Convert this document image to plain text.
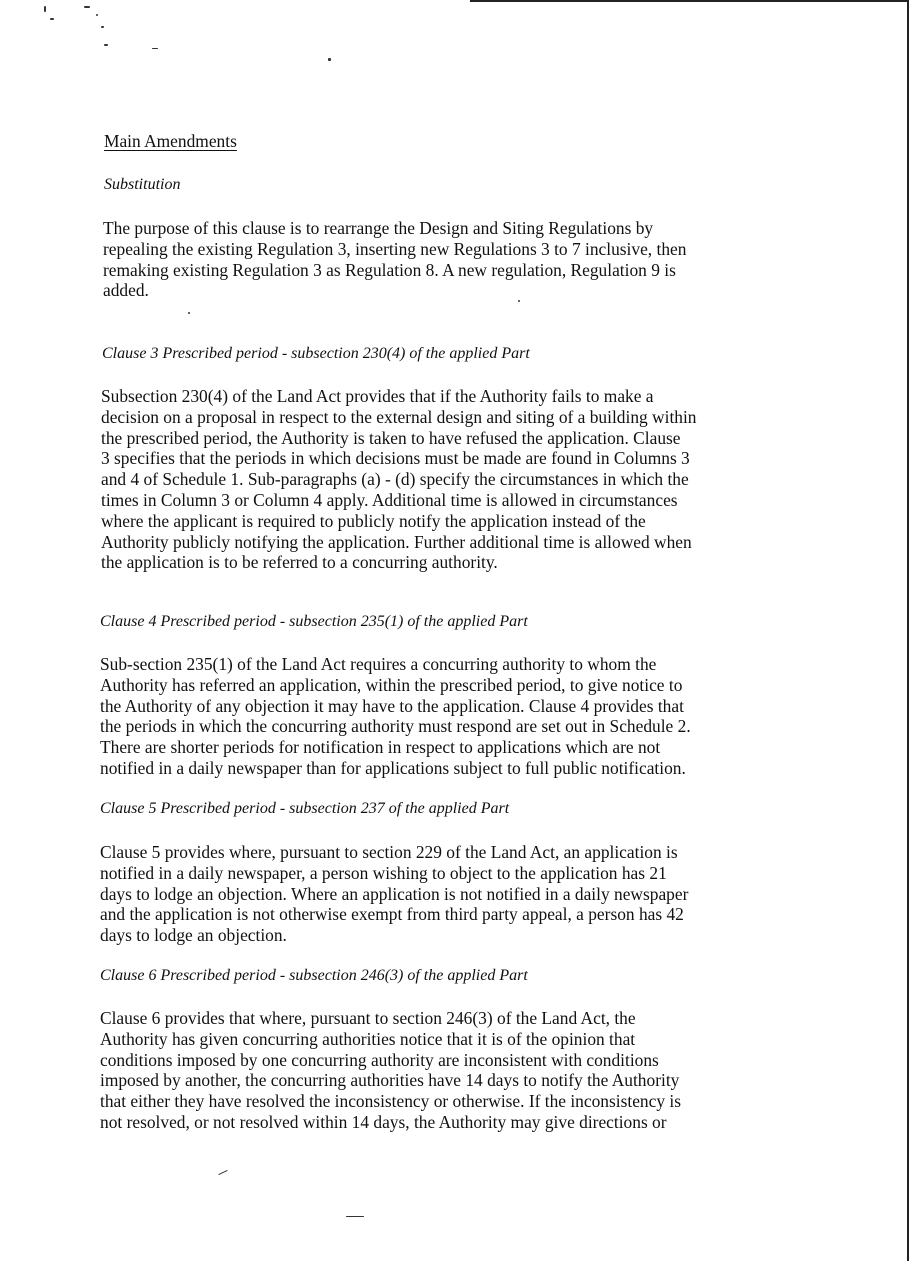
Main Amendments
Substitution
The purpose of this clause is to rearrange the Design and Siting Regulations by
repealing the existing Regulation 3, inserting new Regulations 3 to 7 inclusive, then
remaking existing Regulation 3 as Regulation 8. A new regulation, Regulation 9 is
added.
Clause 3 Prescribed period - subsection 230(4) of the applied Part
Subsection 230(4) of the Land Act provides that if the Authority fails to make a
decision on a proposal in respect to the external design and siting of a building within
the prescribed period, the Authority is taken to have refused the application. Clause
3 specifies that the periods in which decisions must be made are found in Columns 3
and 4 of Schedule 1. Sub-paragraphs (a) - (d) specify the circumstances in which the
times in Column 3 or Column 4 apply. Additional time is allowed in circumstances
where the applicant is required to publicly notify the application instead of the
Authority publicly notifying the application. Further additional time is allowed when
the application is to be referred to a concurring authority.
Clause 4 Prescribed period - subsection 235(1) of the applied Part
Sub-section 235(1) of the Land Act requires a concurring authority to whom the
Authority has referred an application, within the prescribed period, to give notice to
the Authority of any objection it may have to the application. Clause 4 provides that
the periods in which the concurring authority must respond are set out in Schedule 2.
There are shorter periods for notification in respect to applications which are not
notified in a daily newspaper than for applications subject to full public notification.
Clause 5 Prescribed period - subsection 237 of the applied Part
Clause 5 provides where, pursuant to section 229 of the Land Act, an application is
notified in a daily newspaper, a person wishing to object to the application has 21
days to lodge an objection. Where an application is not notified in a daily newspaper
and the application is not otherwise exempt from third party appeal, a person has 42
days to lodge an objection.
Clause 6 Prescribed period - subsection 246(3) of the applied Part
Clause 6 provides that where, pursuant to section 246(3) of the Land Act, the
Authority has given concurring authorities notice that it is of the opinion that
conditions imposed by one concurring authority are inconsistent with conditions
imposed by another, the concurring authorities have 14 days to notify the Authority
that either they have resolved the inconsistency or otherwise. If the inconsistency is
not resolved, or not resolved within 14 days, the Authority may give directions or
